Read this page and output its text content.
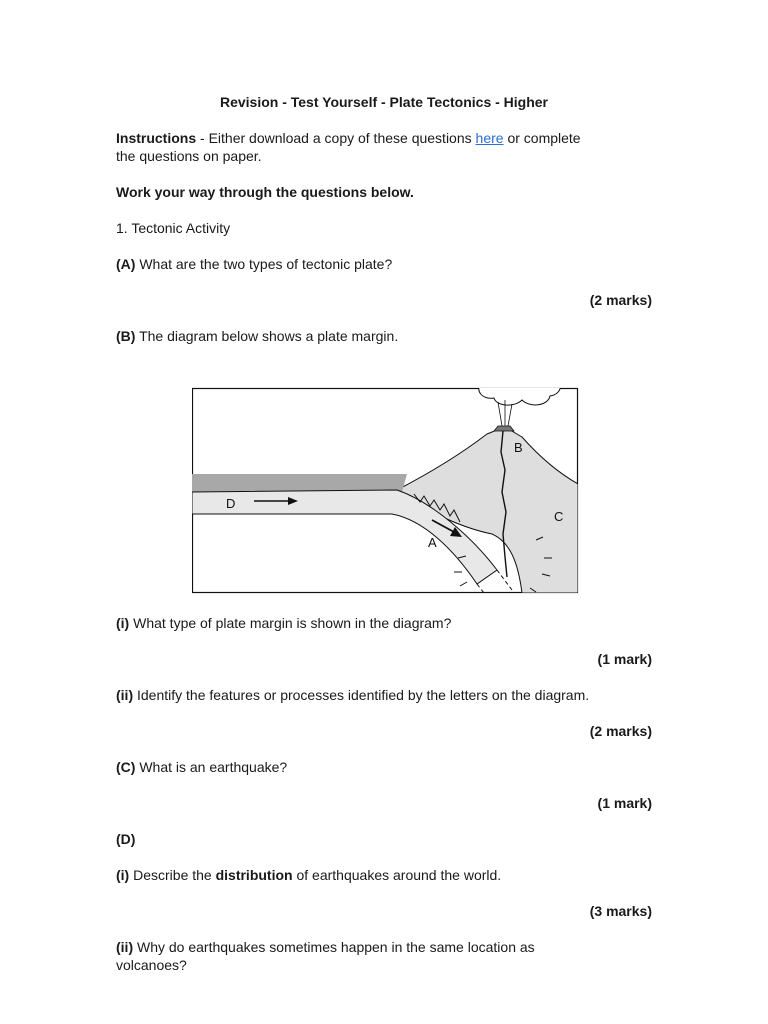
Revision - Test Yourself - Plate Tectonics - Higher
Instructions - Either download a copy of these questions here or complete
the questions on paper.
Work your way through the questions below.
1. Tectonic Activity
(A) What are the two types of tectonic plate?
(2 marks)
(B) The diagram below shows a plate margin.
(i) What type of plate margin is shown in the diagram?
(1 mark)
(ii) Identify the features or processes identified by the letters on the diagram.
(2 marks)
(C) What is an earthquake?
(1 mark)
(D)
(i) Describe the distribution of earthquakes around the world.
(3 marks)
(ii) Why do earthquakes sometimes happen in the same location as
volcanoes?
D
B
C
A
